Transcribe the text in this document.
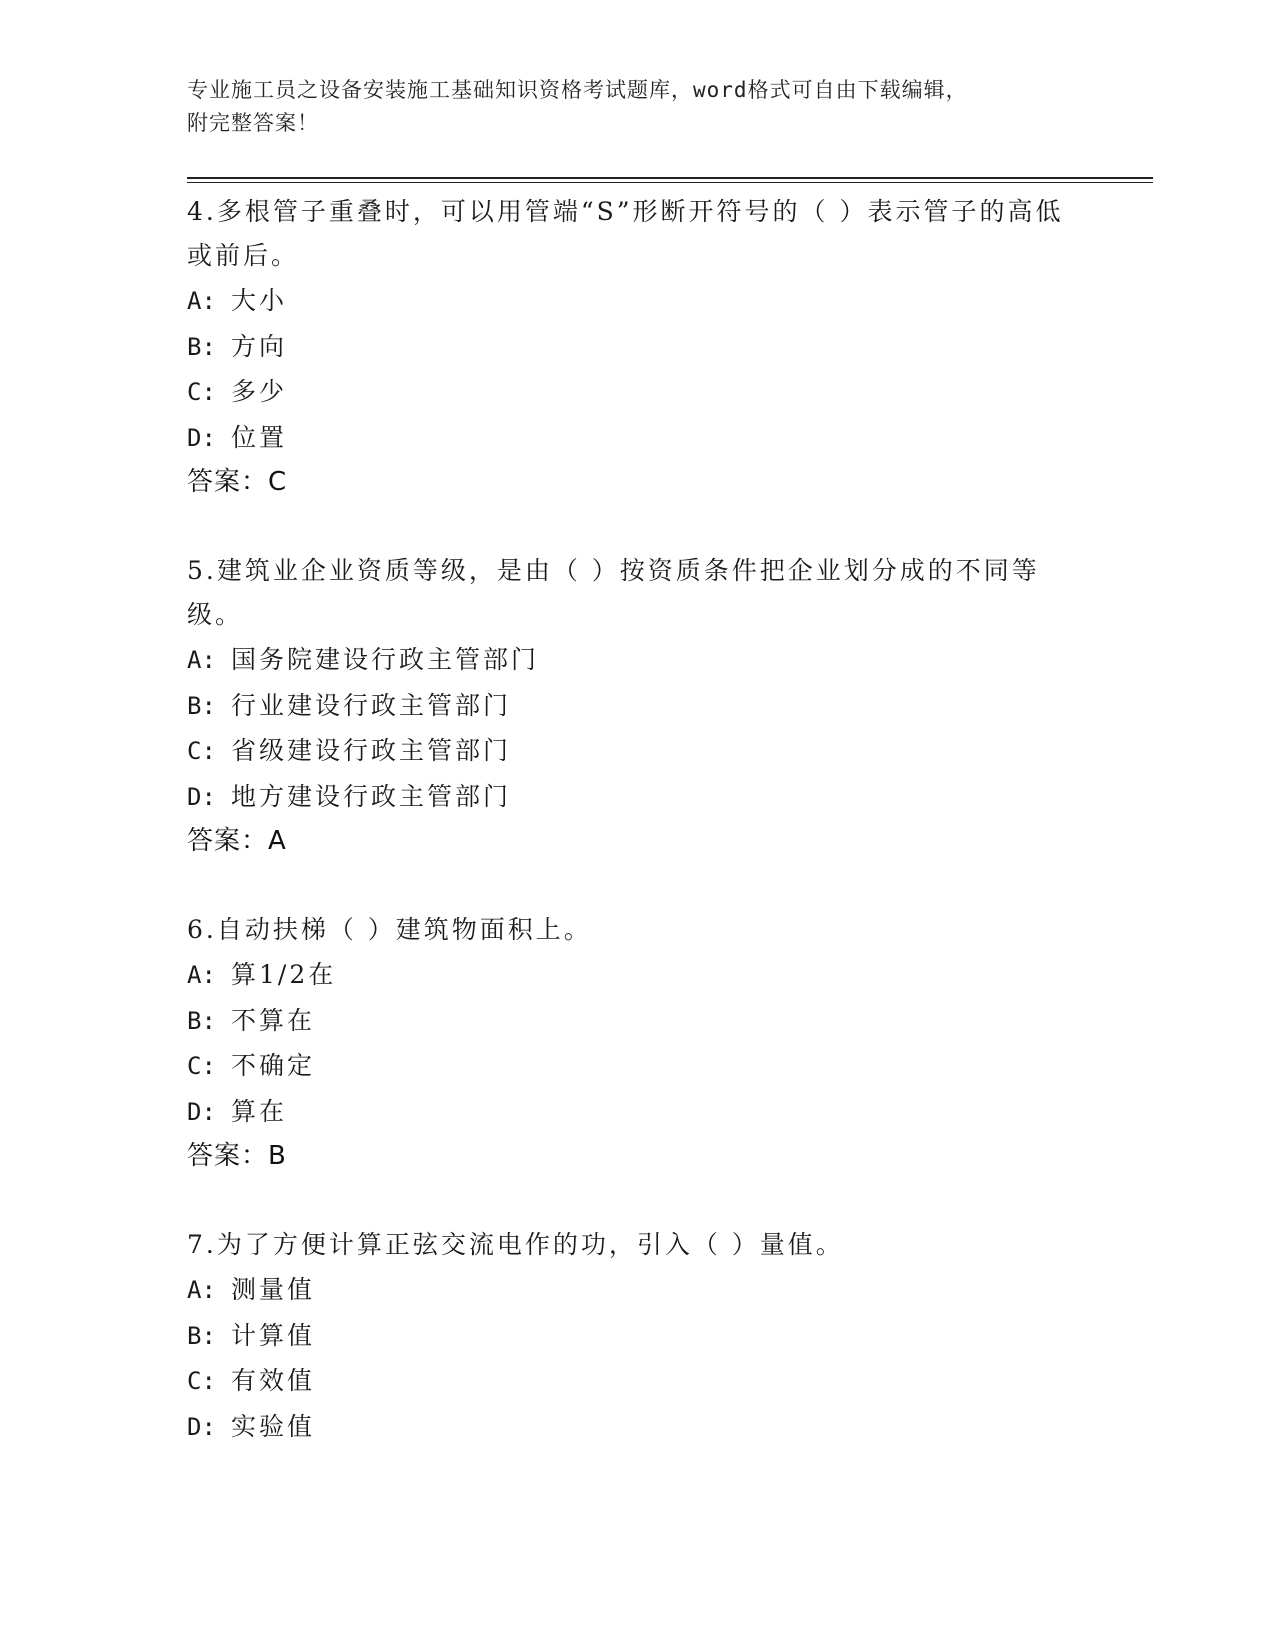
专业施工员之设备安装施工基础知识资格考试题库，word格式可自由下载编辑，
附完整答案！
4.多根管子重叠时，可以用管端“S”形断开符号的（ ）表示管子的高低或前后。
A: 大小
B: 方向
C: 多少
D: 位置
答案：C
5.建筑业企业资质等级，是由（ ）按资质条件把企业划分成的不同等级。
A: 国务院建设行政主管部门
B: 行业建设行政主管部门
C: 省级建设行政主管部门
D: 地方建设行政主管部门
答案：A
6.自动扶梯（ ）建筑物面积上。
A: 算1/2在
B: 不算在
C: 不确定
D: 算在
答案：B
7.为了方便计算正弦交流电作的功，引入（ ）量值。
A: 测量值
B: 计算值
C: 有效值
D: 实验值
